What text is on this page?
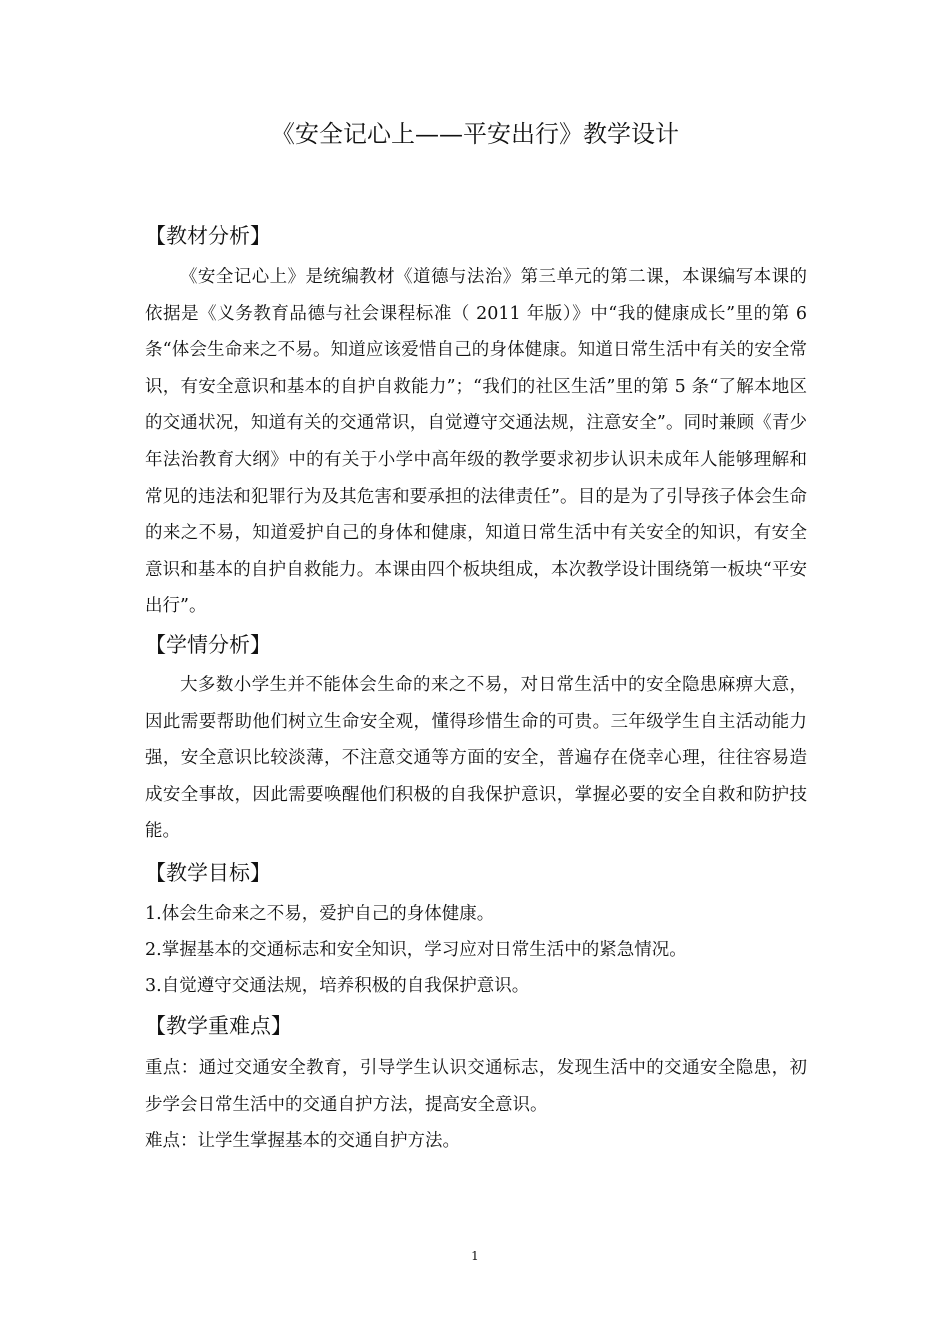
《安全记心上——平安出行》教学设计
【教材分析】

《安全记心上》是统编教材《道德与法治》第三单元的第二课，本课编写本课的依据是《义务教育品德与社会课程标准（ 2011 年版）》中“我的健康成长”里的第 6 条“体会生命来之不易。知道应该爱惜自己的身体健康。知道日常生活中有关的安全常识，有安全意识和基本的自护自救能力”；“我们的社区生活”里的第 5 条“了解本地区的交通状况，知道有关的交通常识，自觉遵守交通法规，注意安全”。同时兼顾《青少年法治教育大纲》中的有关于小学中高年级的教学要求初步认识未成年人能够理解和常见的违法和犯罪行为及其危害和要承担的法律责任”。目的是为了引导孩子体会生命的来之不易，知道爱护自己的身体和健康，知道日常生活中有关安全的知识，有安全意识和基本的自护自救能力。本课由四个板块组成，本次教学设计围绕第一板块“平安出行”。

【学情分析】

大多数小学生并不能体会生命的来之不易，对日常生活中的安全隐患麻痹大意，因此需要帮助他们树立生命安全观，懂得珍惜生命的可贵。三年级学生自主活动能力强，安全意识比较淡薄，不注意交通等方面的安全，普遍存在侥幸心理，往往容易造成安全事故，因此需要唤醒他们积极的自我保护意识，掌握必要的安全自救和防护技能。

【教学目标】

1.体会生命来之不易，爱护自己的身体健康。

2.掌握基本的交通标志和安全知识，学习应对日常生活中的紧急情况。

3.自觉遵守交通法规，培养积极的自我保护意识。

【教学重难点】

重点：通过交通安全教育，引导学生认识交通标志，发现生活中的交通安全隐患，初步学会日常生活中的交通自护方法，提高安全意识。

难点：让学生掌握基本的交通自护方法。

1
